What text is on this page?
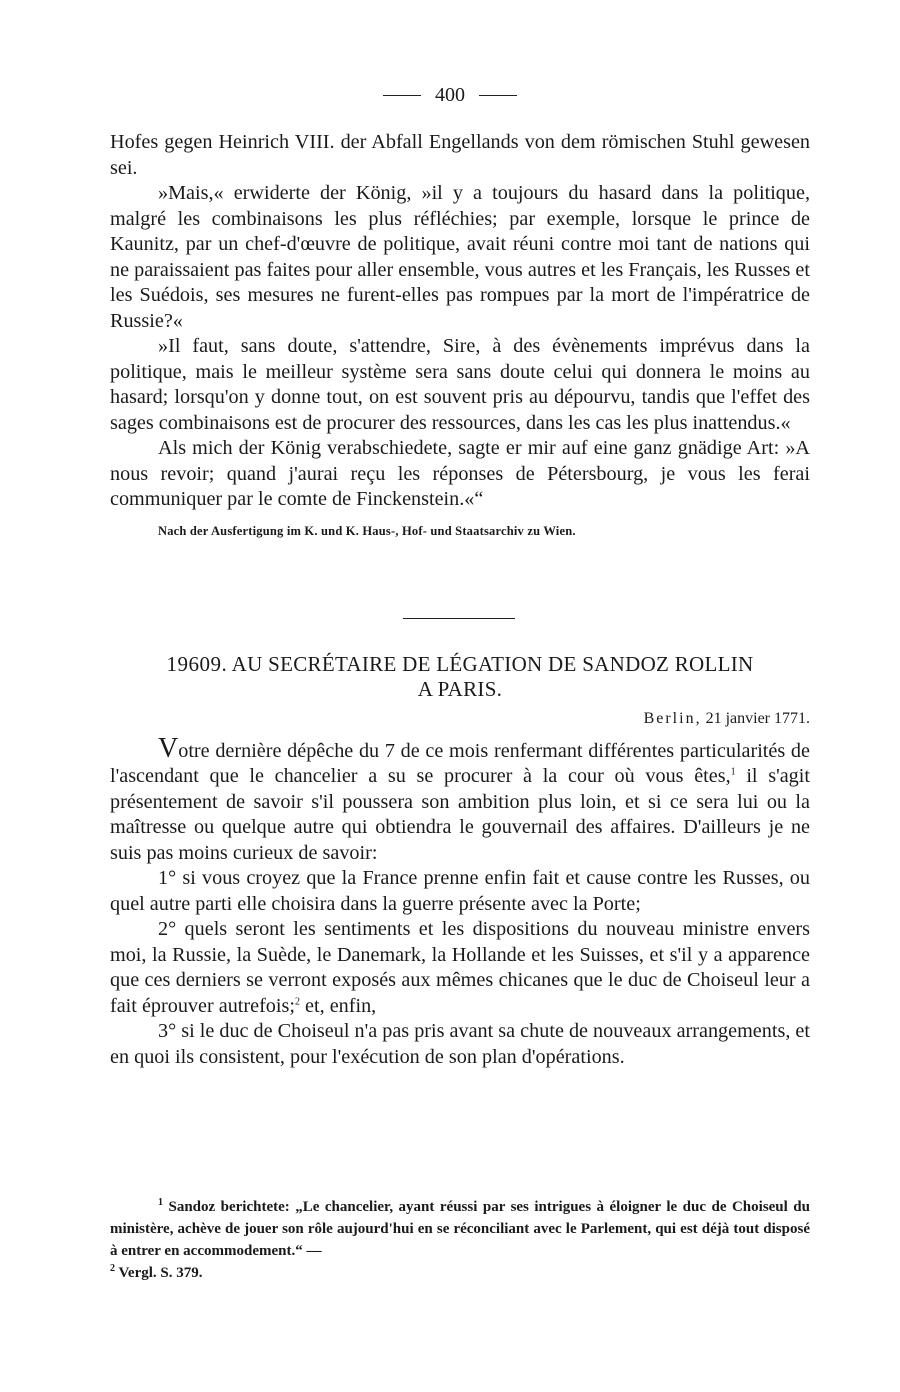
400

Hofes gegen Heinrich VIII. der Abfall Engellands von dem römischen Stuhl gewesen sei.

»Mais,« erwiderte der König, »il y a toujours du hasard dans la politique, malgré les combinaisons les plus réfléchies; par exemple, lorsque le prince de Kaunitz, par un chef-d'œuvre de politique, avait réuni contre moi tant de nations qui ne paraissaient pas faites pour aller ensemble, vous autres et les Français, les Russes et les Suédois, ses mesures ne furent-elles pas rompues par la mort de l'impératrice de Russie?«

»Il faut, sans doute, s'attendre, Sire, à des évènements imprévus dans la politique, mais le meilleur système sera sans doute celui qui donnera le moins au hasard; lorsqu'on y donne tout, on est souvent pris au dépourvu, tandis que l'effet des sages combinaisons est de procurer des ressources, dans les cas les plus inattendus.«

Als mich der König verabschiedete, sagte er mir auf eine ganz gnädige Art: »A nous revoir; quand j'aurai reçu les réponses de Pétersbourg, je vous les ferai communiquer par le comte de Finckenstein.«“

Nach der Ausfertigung im K. und K. Haus-, Hof- und Staatsarchiv zu Wien.

19609. AU SECRÉTAIRE DE LÉGATION DE SANDOZ ROLLIN
A PARIS.
Berlin, 21 janvier 1771.

Votre dernière dépêche du 7 de ce mois renfermant différentes particularités de l'ascendant que le chancelier a su se procurer à la cour où vous êtes,$^1$ il s'agit présentement de savoir s'il poussera son ambition plus loin, et si ce sera lui ou la maîtresse ou quelque autre qui obtiendra le gouvernail des affaires. D'ailleurs je ne suis pas moins curieux de savoir:

1° si vous croyez que la France prenne enfin fait et cause contre les Russes, ou quel autre parti elle choisira dans la guerre présente avec la Porte;

2° quels seront les sentiments et les dispositions du nouveau ministre envers moi, la Russie, la Suède, le Danemark, la Hollande et les Suisses, et s'il y a apparence que ces derniers se verront exposés aux mêmes chicanes que le duc de Choiseul leur a fait éprouver autrefois;$^2$ et, enfin,

3° si le duc de Choiseul n'a pas pris avant sa chute de nouveaux arrangements, et en quoi ils consistent, pour l'exécution de son plan d'opérations.

$^1$ Sandoz berichtete: „Le chancelier, ayant réussi par ses intrigues à éloigner le duc de Choiseul du ministère, achève de jouer son rôle aujourd'hui en se réconciliant avec le Parlement, qui est déjà tout disposé à entrer en accommodement.“ —

$^2$ Vergl. S. 379.
